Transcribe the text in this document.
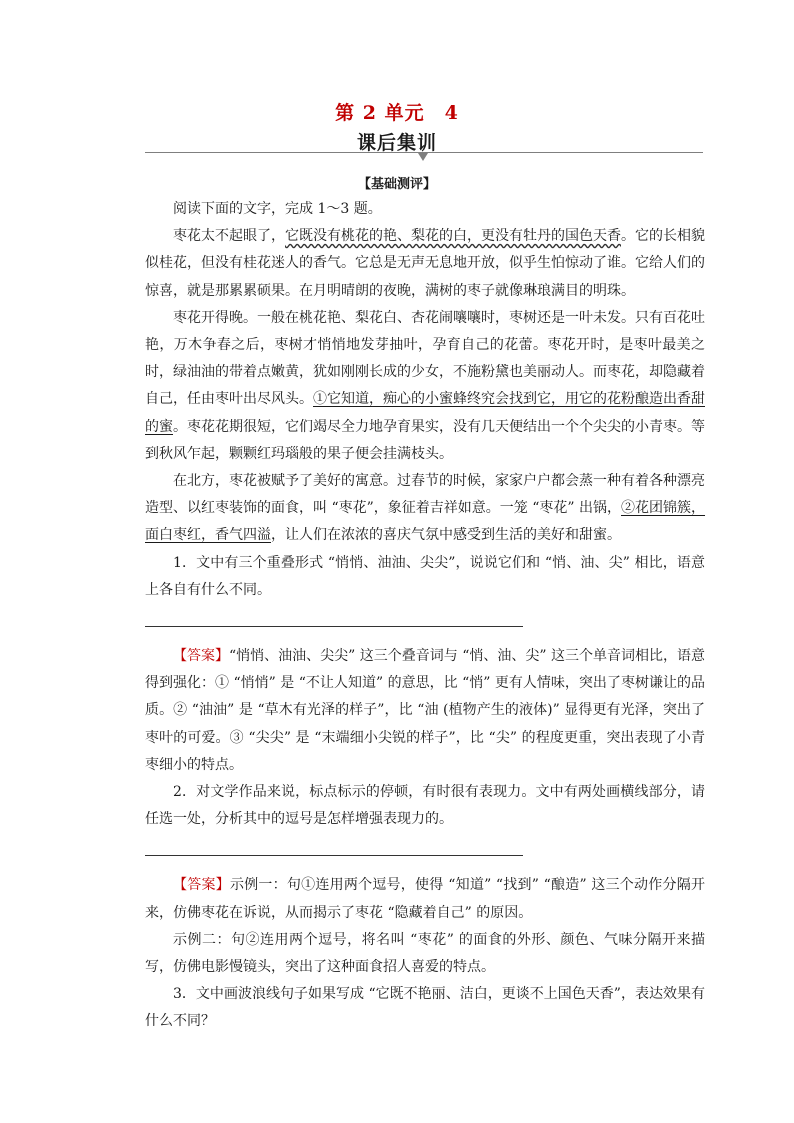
第 2 单元　4
课后集训
【基础测评】

阅读下面的文字，完成 1～3 题。

枣花太不起眼了，它既没有桃花的艳、梨花的白，更没有牡丹的国色天香。它的长相貌似桂花，但没有桂花迷人的香气。它总是无声无息地开放，似乎生怕惊动了谁。它给人们的惊喜，就是那累累硕果。在月明晴朗的夜晚，满树的枣子就像琳琅满目的明珠。

枣花开得晚。一般在桃花艳、梨花白、杏花闹嚷嚷时，枣树还是一叶未发。只有百花吐艳，万木争春之后，枣树才悄悄地发芽抽叶，孕育自己的花蕾。枣花开时，是枣叶最美之时，绿油油的带着点嫩黄，犹如刚刚长成的少女，不施粉黛也美丽动人。而枣花，却隐藏着自己，任由枣叶出尽风头。①它知道，痴心的小蜜蜂终究会找到它，用它的花粉酿造出香甜的蜜。枣花花期很短，它们竭尽全力地孕育果实，没有几天便结出一个个尖尖的小青枣。等到秋风乍起，颗颗红玛瑙般的果子便会挂满枝头。

在北方，枣花被赋予了美好的寓意。过春节的时候，家家户户都会蒸一种有着各种漂亮造型、以红枣装饰的面食，叫 “枣花”，象征着吉祥如意。一笼 “枣花” 出锅，②花团锦簇，面白枣红，香气四溢，让人们在浓浓的喜庆气氛中感受到生活的美好和甜蜜。

1．文中有三个重叠形式 “悄悄、油油、尖尖”，说说它们和 “悄、油、尖” 相比，语意上各自有什么不同。

【答案】“悄悄、油油、尖尖” 这三个叠音词与 “悄、油、尖” 这三个单音词相比，语意得到强化：① “悄悄” 是 “不让人知道” 的意思，比 “悄” 更有人情味，突出了枣树谦让的品质。② “油油” 是 “草木有光泽的样子”，比 “油 (植物产生的液体)” 显得更有光泽，突出了枣叶的可爱。③ “尖尖” 是 “末端细小尖锐的样子”，比 “尖” 的程度更重，突出表现了小青枣细小的特点。

2．对文学作品来说，标点标示的停顿，有时很有表现力。文中有两处画横线部分，请任选一处，分析其中的逗号是怎样增强表现力的。

【答案】示例一：句①连用两个逗号，使得 “知道” “找到” “酿造” 这三个动作分隔开来，仿佛枣花在诉说，从而揭示了枣花 “隐藏着自己” 的原因。

示例二：句②连用两个逗号，将名叫 “枣花” 的面食的外形、颜色、气味分隔开来描写，仿佛电影慢镜头，突出了这种面食招人喜爱的特点。

3．文中画波浪线句子如果写成 “它既不艳丽、洁白，更谈不上国色天香”，表达效果有什么不同？
